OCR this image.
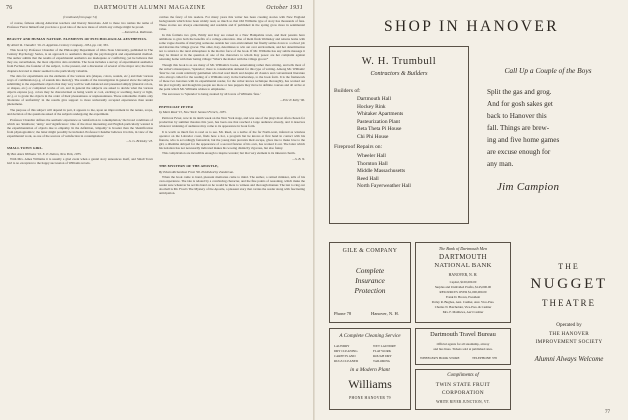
76	DARTMOUTH ALUMNI MAGAZINE	October 1931

(Continued from page 74)

of course, famous among American teachers and literary historians. Add to these two names the name of Professor Farrar himself and you have a good idea of the new ideas of which any college might be proud.

—Kenneth A. Robinson.

BEAUTY AND HUMAN NATURE. ELEMENTS OF PSYCHOLOGICAL AESTHETICS.

By Albert R. Chandler '16. D. Appleton-Century Company, 1934, pp. viii, 381.

This book by Professor Chandler of the Philosophy Department of Ohio State University, published in The Century Psychology Series, is an approach to aesthetics through the psychological and experimental method. The author admits that the results of experimental aesthetics are inadequate or conflicting, yet he believes that they are, nevertheless, the most objective data available. The book includes a survey of experimental aesthetics from Fechner, the founder of the subject, to the present, and a discussion of several of the major arts; the three chapters devoted to music seemed to me particularly valuable.

The data for experiments are the elements of the various arts (shapes, colors, sounds, etc.) and their various ways of combination (e.g. of sounds into melody). The results of the investigation in general show the subjects submitting to the experiment objects that may very well be well-balanced and presented simply (musical colors, or shapes, etc.) or completed works of art, and in general the subjects are asked to decide what the various objects express (e.g. colors may be characterized as being warm or cool, exciting or soothing, heavy or light, etc.), or to grade the objects in the order of their pleasantness or unpleasantness. These remarkable claims only 'moderate of uniformity' in the results give support to more universally accepted experiences than under phenomena.

The purpose of this subject will depend in part, it appears to me, upon an improvement in the nature, scope, and decision of the questions asked of the subjects undergoing the experiment.

Professor Chandler defines the aesthetic experience as 'satisfaction in contemplation,' the broad conditions of which are 'intuitions,' 'unity,' and 'significance.' One of the most interesting and English particularly wanted is the experimentation of objects due to empathy. In the definition, 'empathy' is broader than the 'identification from physiognomics', the latter might possibly be included. Professor Chandler believes it is this, in view of the experimental work, as one of the sources of 'satisfaction in contemplation.'

—S. G. Brinkley '23.

SMALL TOWN GIRL.

By Ben Ames Williams '10. E. P. Dutton, New York, 1935.

With Mrs. Ames Williams it is usually a glad event when a genial story announces itself, and Small Town Girl is no exception to the happy succession of Williams novels.

catches the fancy of his readers. For many years this writer has been creating stories with New England backgrounds which have been widely read, so much so that Old Williams type of story has thousands of fans. These stories are always entertaining and readable and if published in the spring grow more in sentimental value.

In this formula two girls, Emily and Kay are raised in a New Hampshire town, and their parents have ambitions to give both the benefits of a college education. One of them finds Wellesley and returns home with some vague dreams of marrying someone outside her own environment but finally settles down to a school job and marries the village grocer. The other, Kay, determines to win out over environment, and her determination not to return to the rural atmosphere is the motive force of the book. If Mr. Williams has any subtle message it may be hinted at in the question of one of the characters to whom Kay poses: are her complaint against returning home with their hating village: 'What's the matter with the village grocer?'

Though this book is as are many of Mr. Williams's books, entertaining rather than stirring, and tells most of the writer's masterpiece, 'Splendor', there is considerable demand for this type of writing. Among Mr. Williams' 'fans' he can count relatively gentlemen who had read much and despite all classics and conventional literature who always called for the reading of a Williams story in the barbershop, to the book form. It is the framework of these two heroines with its experimental reader, for the writer knows technique thoroughly, has worked out his plot logically and though his people are more or less puppets they move in definite courses and all arrive at the point which Mr. Williams wishes to emphasize.

The successor to 'Splendor' is being awaited by all lovers of Williams 'fans.'

—Eric P. Kelly '06.

PEPTICOAT FEVER

by Mark Reed '15, New York: Samuel French, 1935.

Petticoat Fever, now in its ninth week on the New York stage, and was one of the plays most often chosen for production by summer theatres this year, has been one that reached a large audience already, and it deserves whatever widening of audience may come to its appearance in book form.

It is worth as much fun to read as to see. Mr. Reed, as a native of the far North-west, inferred as wireless operator on the Labrador coast, finds here a hot, a program but he knows at first hand in contact with his fiancée, who is accordingly fantastical, but the young man prevents their escape, gives rise to make love to the girl, a dilemma delayed for the appearance of a second fiancée of his own, has worked it out. The latter which his isolation has not necessarily indicated makes his wooing distinctly vigorous, but also funny.

This complication are incredible enough to inspire wonder; but that very element is its inherent charm.

—S. B. N.

THE MYSTERY OF THE APOSTLE,

By Edwin Richardson Frost '98. Published by Zondervan.

When the book came to hand, pleasant memories came to mind. The author, a retired minister, tells of his own experience. The tale is related by a convincing character, and the fine points of reasoning, which make the reader sure whatever he set his hand on he would be there to witness and thorough manner. The last to ring our doorbell is Mr. Frost's The Mystery of the Apostle, a pleasant story that carries the reader along with fascinating anticipation.

SHOP IN HANOVER
W. H. Trumbull
Contractors & Builders
Builders of:
Dartmouth Hall
Hockey Rink
Whitaker Apartments
Pasteurization Plant
Beta Theta Pi House
Chi Phi House
Fireproof Repairs on:
Wheeler Hall
Thornton Hall
Middle Massachusetts
Reed Hall
North Fayerweather Hall
Call Up a Couple of the Boys
Split the gas and grog.
And for gosh sakes get
back to Hanover this
fall. Things are brew-
ing and five home games
are excuse enough for
any man.
Jim Campion
GILE & COMPANY
Complete
Insurance
Protection
Phone 78	Hanover, N. H.
The Bank of Dartmouth Men
DARTMOUTH
NATIONAL BANK
HANOVER, N. H.
Capital, $100,000.00
Surplus and Undivided Profits, $145,000.00
RESOURCES OVER $1,000,000.00
Frank D. Brown, President
Perley R. Bugbee, Asst. Cashier, Asst. Vice-Pres.
Charles N. Batchelder, Vice-Pres. & Cashier
Mrs. F. Matthews, Ass't Cashier
THE
NUGGET
THEATRE
Operated by
THE HANOVER
IMPROVEMENT SOCIETY
Alumni Always Welcome
A Complete Cleaning Service
LAUNDRY
DRY CLEANING
CARPETS AND
RUGS CLEANED
WET LAUNDRY
FLAT WORK
ROUGH DRY
TAILORING
in a Modern Plant
Williams
PHONE HANOVER 79
Dartmouth Travel Bureau
Official agents for all steamship, airway
and bus lines. Tickets sold at published rates.
WHEELER'S BOOK STORE	TELEPHONE 378
Compliments of
TWIN STATE FRUIT
CORPORATION
WHITE RIVER JUNCTION, VT.
77
